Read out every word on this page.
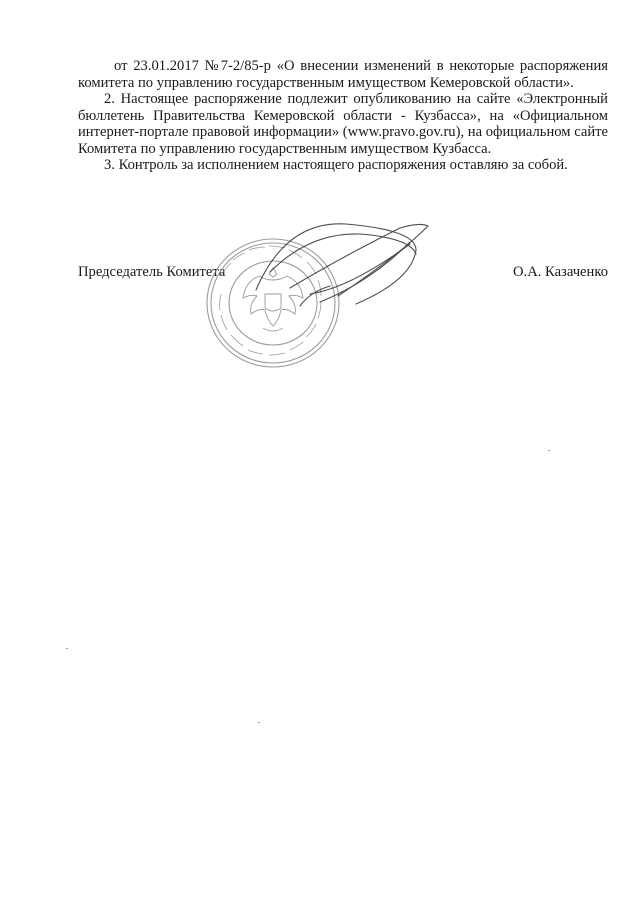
от 23.01.2017 №7-2/85-р «О внесении изменений в некоторые распоряжения комитета по управлению государственным имуществом Кемеровской области».

2. Настоящее распоряжение подлежит опубликованию на сайте «Электронный бюллетень Правительства Кемеровской области - Кузбасса», на «Официальном интернет-портале правовой информации» (www.pravo.gov.ru), на официальном сайте Комитета по управлению государственным имуществом Кузбасса.

3. Контроль за исполнением настоящего распоряжения оставляю за собой.

Председатель Комитета	О.А. Казаченко
